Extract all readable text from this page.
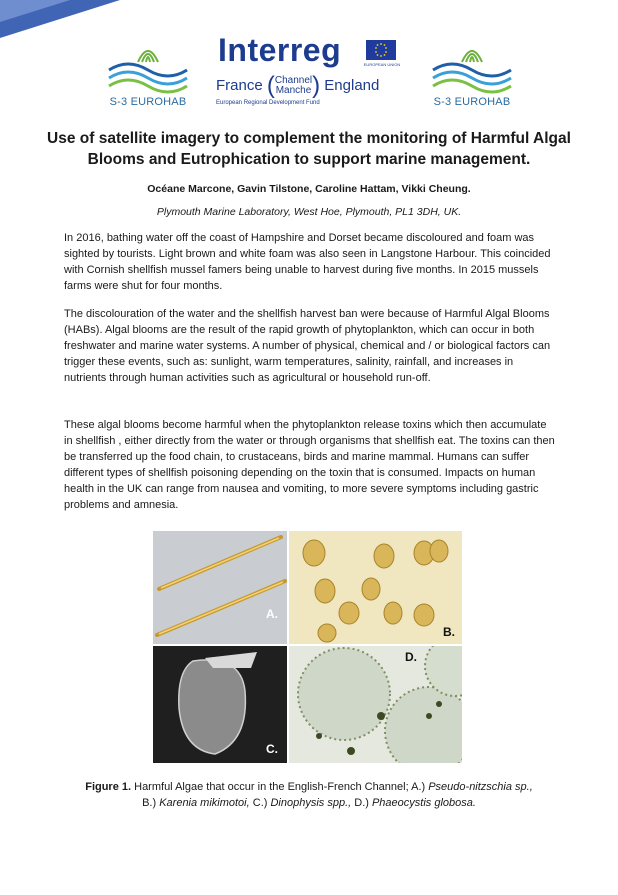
S-3 EUROHAB
Interreg	EUROPEAN UNION
France (Channel
Manche) England
European Regional Development Fund	S-3 EUROHAB
Use of satellite imagery to complement the monitoring of Harmful Algal Blooms and Eutrophication to support marine management.
Océane Marcone, Gavin Tilstone, Caroline Hattam, Vikki Cheung.
Plymouth Marine Laboratory, West Hoe, Plymouth, PL1 3DH, UK.

In 2016, bathing water off the coast of Hampshire and Dorset became discoloured and foam was sighted by tourists. Light brown and white foam was also seen in Langstone Harbour. This coincided with Cornish shellfish mussel famers being unable to harvest during five months. In 2015 mussels farms were shut for four months.

The discolouration of the water and the shellfish harvest ban were because of Harmful Algal Blooms (HABs). Algal blooms are the result of the rapid growth of phytoplankton, which can occur in both freshwater and marine water systems. A number of physical, chemical and / or biological factors can trigger these events, such as: sunlight, warm temperatures, salinity, rainfall, and increases in nutrients through human activities such as agricultural or household run-off.

These algal blooms become harmful when the phytoplankton release toxins which then accumulate in shellfish , either directly from the water or through organisms that shellfish eat. The toxins can then be transferred up the food chain, to crustaceans, birds and marine mammal. Humans can suffer different types of shellfish poisoning depending on the toxin that is consumed. Impacts on human health in the UK can range from nausea and vomiting, to more severe symptoms including gastric problems and amnesia.

A.
B.
C.
D.
Figure 1. Harmful Algae that occur in the English-French Channel; A.) Pseudo-nitzschia sp.,
B.) Karenia mikimotoi, C.) Dinophysis spp., D.) Phaeocystis globosa.
